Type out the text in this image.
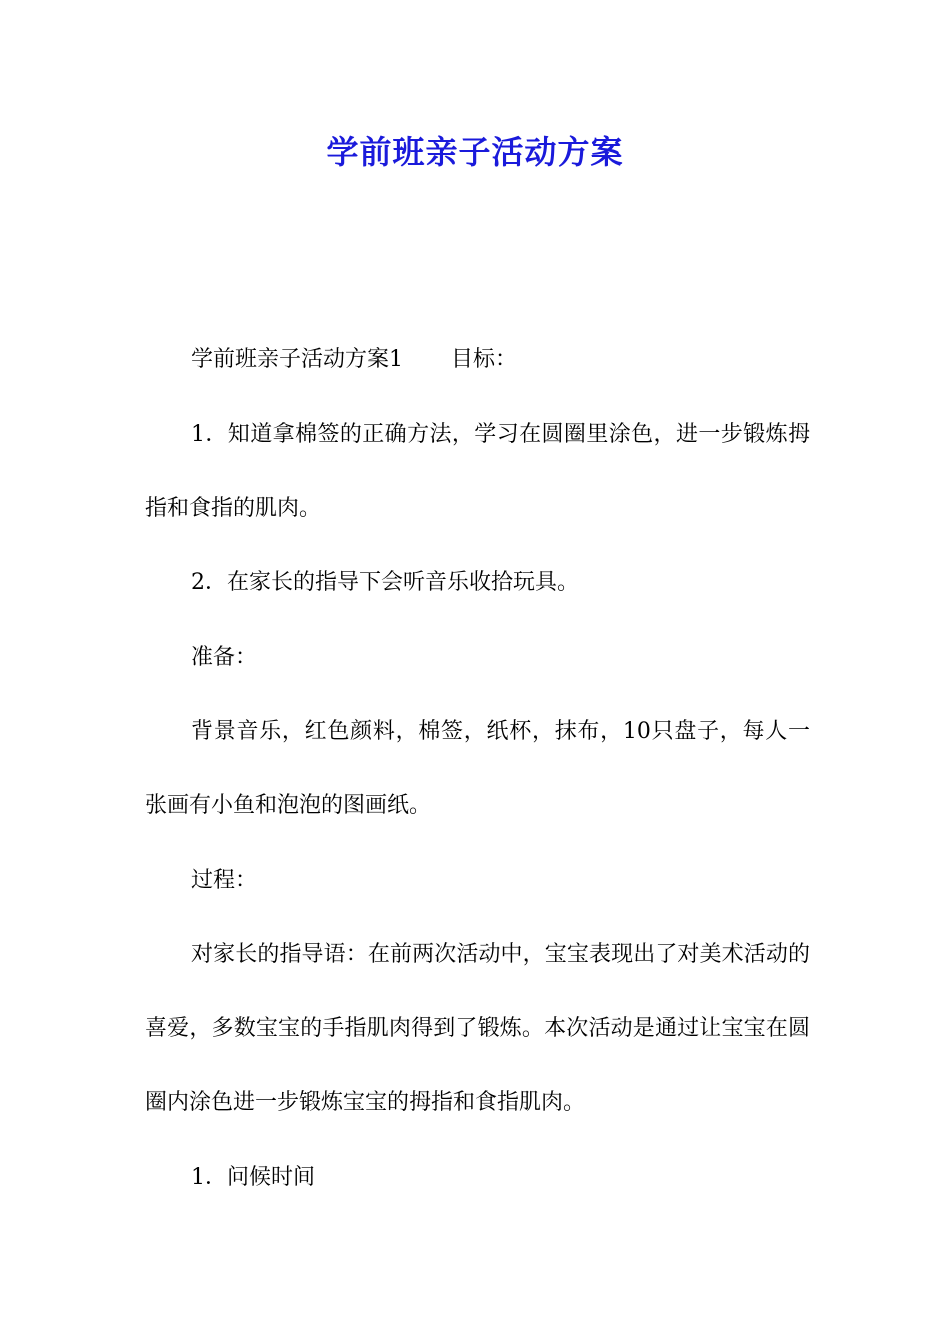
学前班亲子活动方案

学前班亲子活动方案1 目标：

1．知道拿棉签的正确方法，学习在圆圈里涂色，进一步锻炼拇指和食指的肌肉。

2．在家长的指导下会听音乐收拾玩具。

准备：

背景音乐，红色颜料，棉签，纸杯，抹布，10只盘子，每人一张画有小鱼和泡泡的图画纸。

过程：

对家长的指导语：在前两次活动中，宝宝表现出了对美术活动的喜爱，多数宝宝的手指肌肉得到了锻炼。本次活动是通过让宝宝在圆圈内涂色进一步锻炼宝宝的拇指和食指肌肉。

1．问候时间
